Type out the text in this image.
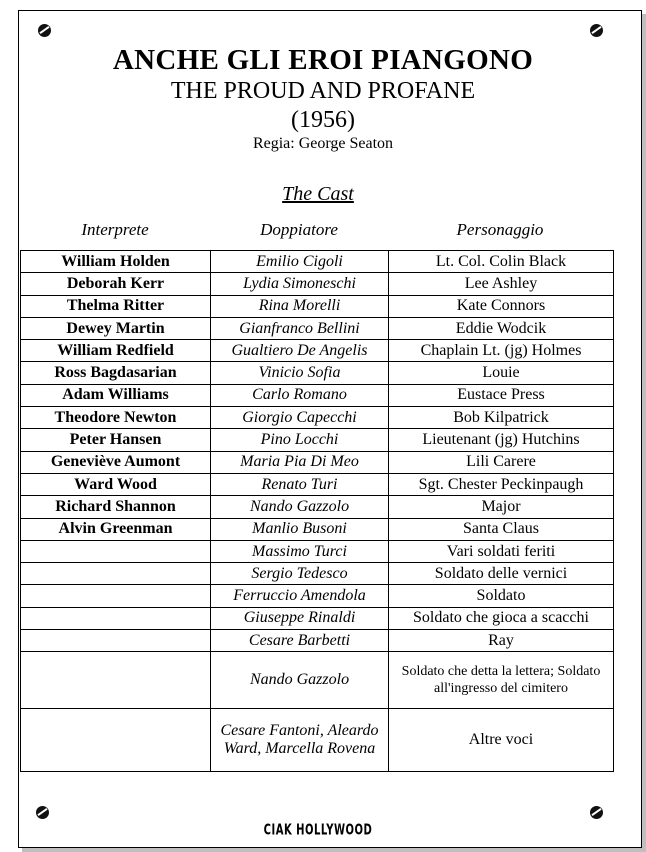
ANCHE GLI EROI PIANGONO
THE PROUD AND PROFANE
(1956)
Regia: George Seaton
The Cast
Interprete	Doppiatore	Personaggio
William Holden	Emilio Cigoli	Lt. Col. Colin Black
Deborah Kerr	Lydia Simoneschi	Lee Ashley
Thelma Ritter	Rina Morelli	Kate Connors
Dewey Martin	Gianfranco Bellini	Eddie Wodcik
William Redfield	Gualtiero De Angelis	Chaplain Lt. (jg) Holmes
Ross Bagdasarian	Vinicio Sofia	Louie
Adam Williams	Carlo Romano	Eustace Press
Theodore Newton	Giorgio Capecchi	Bob Kilpatrick
Peter Hansen	Pino Locchi	Lieutenant (jg) Hutchins
Geneviève Aumont	Maria Pia Di Meo	Lili Carere
Ward Wood	Renato Turi	Sgt. Chester Peckinpaugh
Richard Shannon	Nando Gazzolo	Major
Alvin Greenman	Manlio Busoni	Santa Claus
	Massimo Turci	Vari soldati feriti
	Sergio Tedesco	Soldato delle vernici
	Ferruccio Amendola	Soldato
	Giuseppe Rinaldi	Soldato che gioca a scacchi
	Cesare Barbetti	Ray
	Nando Gazzolo	Soldato che detta la lettera; Soldato all'ingresso del cimitero
	Cesare Fantoni, Aleardo Ward, Marcella Rovena	Altre voci
CIAK HOLLYWOOD
